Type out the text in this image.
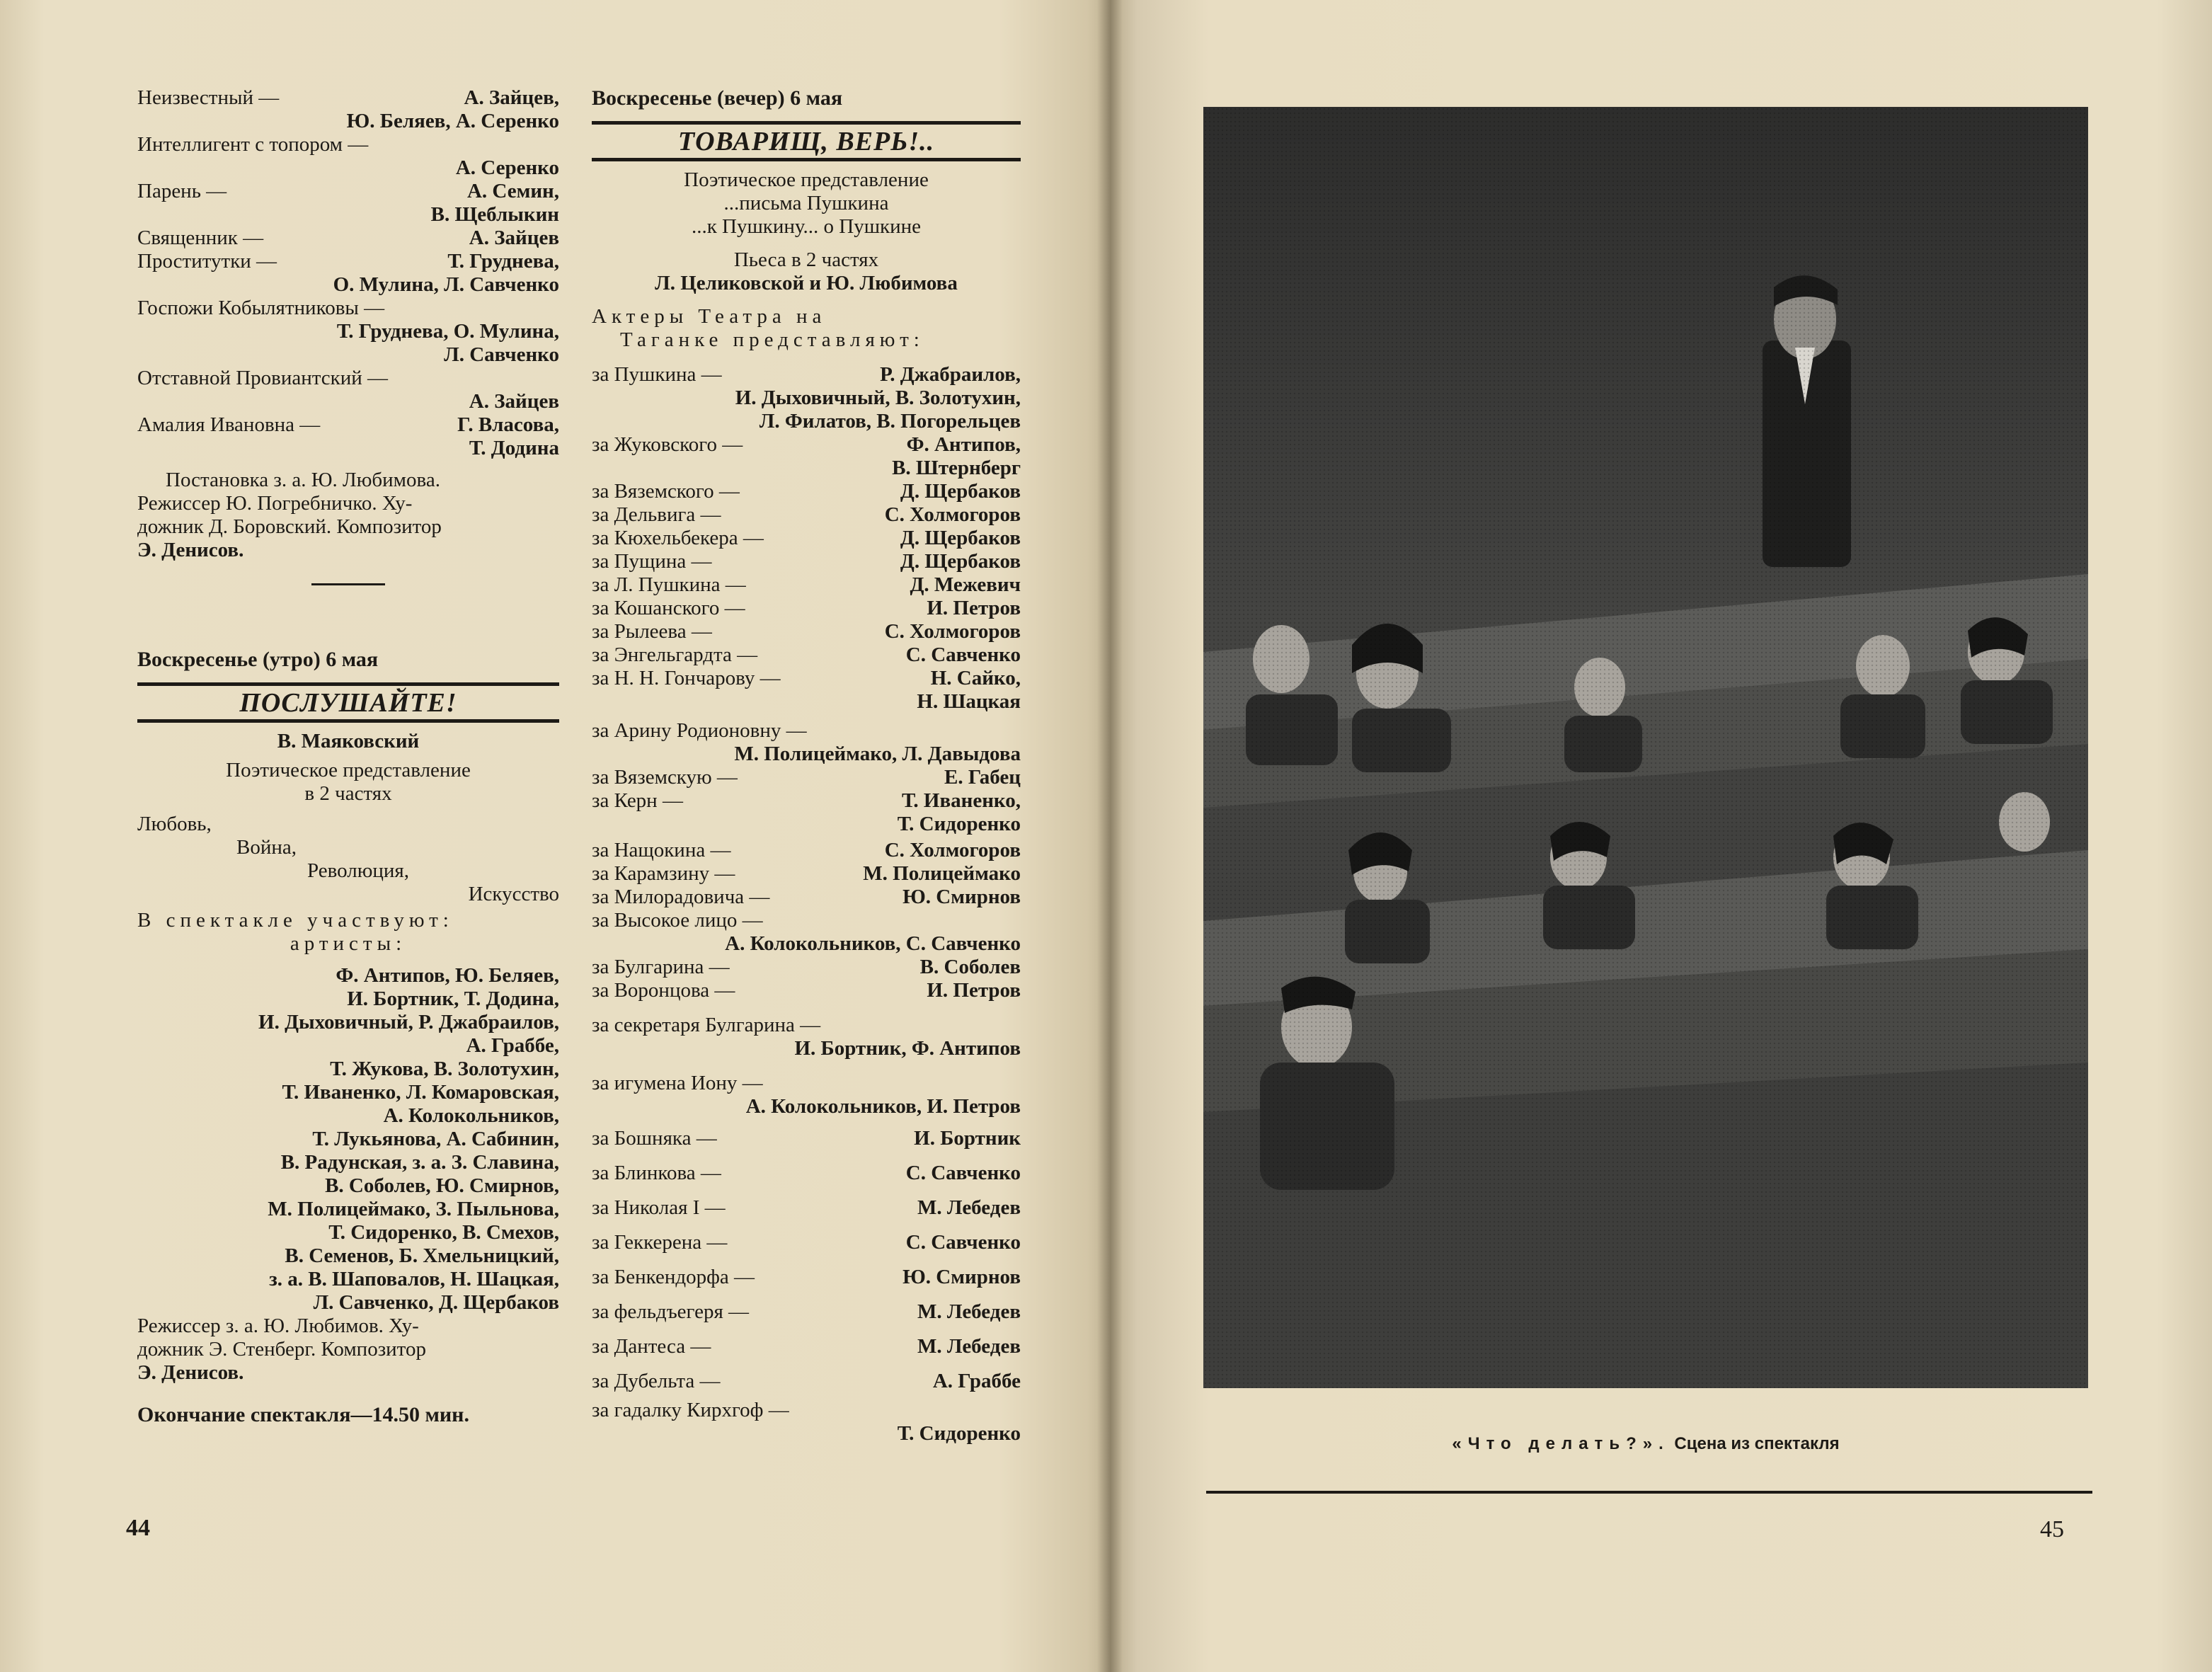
Неизвестный —	А. Зайцев,
Ю. Беляев, А. Серенко
Интеллигент с топором —
А. Серенко
Парень —	А. Семин,
В. Щеблыкин
Священник —	А. Зайцев
Проститутки —	Т. Груднева,
О. Мулина, Л. Савченко
Госпожи Кобылятниковы —
Т. Груднева, О. Мулина,
Л. Савченко
Отставной Провиантский —
А. Зайцев
Амалия Ивановна —	Г. Власова,
Т. Додина
Постановка з. а. Ю. Любимова.
Режиссер Ю. Погребничко. Ху-
дожник Д. Боровский. Композитор
Э. Денисов.
Воскресенье (утро) 6 мая
ПОСЛУШАЙТЕ!
В. Маяковский
Поэтическое представление
в 2 частях
Любовь,
Война,
Революция,
Искусство
В спектакле участвуют:
артисты:
Ф. Антипов, Ю. Беляев,
И. Бортник, Т. Додина,
И. Дыховичный, Р. Джабраилов,
А. Граббе,
Т. Жукова, В. Золотухин,
Т. Иваненко, Л. Комаровская,
А. Колокольников,
Т. Лукьянова, А. Сабинин,
В. Радунская, з. а. З. Славина,
В. Соболев, Ю. Смирнов,
М. Полицеймако, З. Пыльнова,
Т. Сидоренко, В. Смехов,
В. Семенов, Б. Хмельницкий,
з. а. В. Шаповалов, Н. Шацкая,
Л. Савченко, Д. Щербаков
Режиссер з. а. Ю. Любимов. Ху-
дожник Э. Стенберг. Композитор
Э. Денисов.
Окончание спектакля—14.50 мин.
44
Воскресенье (вечер) 6 мая
ТОВАРИЩ, ВЕРЬ!..
Поэтическое представление
...письма Пушкина
...к Пушкину... о Пушкине
Пьеса в 2 частях
Л. Целиковской и Ю. Любимова
Актеры Театра на
Таганке представляют:
за Пушкина —	Р. Джабраилов,
И. Дыховичный, В. Золотухин,
Л. Филатов, В. Погорельцев
за Жуковского —	Ф. Антипов,
В. Штернберг
за Вяземского —	Д. Щербаков
за Дельвига —	С. Холмогоров
за Кюхельбекера —	Д. Щербаков
за Пущина —	Д. Щербаков
за Л. Пушкина —	Д. Межевич
за Кошанского —	И. Петров
за Рылеева —	С. Холмогоров
за Энгельгардта —	С. Савченко
за Н. Н. Гончарову —	Н. Сайко,
Н. Шацкая
за Арину Родионовну —
М. Полицеймако, Л. Давыдова
за Вяземскую —	Е. Габец
за Керн —	Т. Иваненко,
Т. Сидоренко
за Нащокина —	С. Холмогоров
за Карамзину —	М. Полицеймако
за Милорадовича —	Ю. Смирнов
за Высокое лицо —
А. Колокольников, С. Савченко
за Булгарина —	В. Соболев
за Воронцова —	И. Петров
за секретаря Булгарина —
И. Бортник, Ф. Антипов
за игумена Иону —
А. Колокольников, И. Петров
за Бошняка —	И. Бортник
за Блинкова —	С. Савченко
за Николая I —	М. Лебедев
за Геккерена —	С. Савченко
за Бенкендорфа —	Ю. Смирнов
за фельдъегеря —	М. Лебедев
за Дантеса —	М. Лебедев
за Дубельта —	А. Граббе
за гадалку Кирхгоф —
Т. Сидоренко	«Что делать?». Сцена из спектакля
45
